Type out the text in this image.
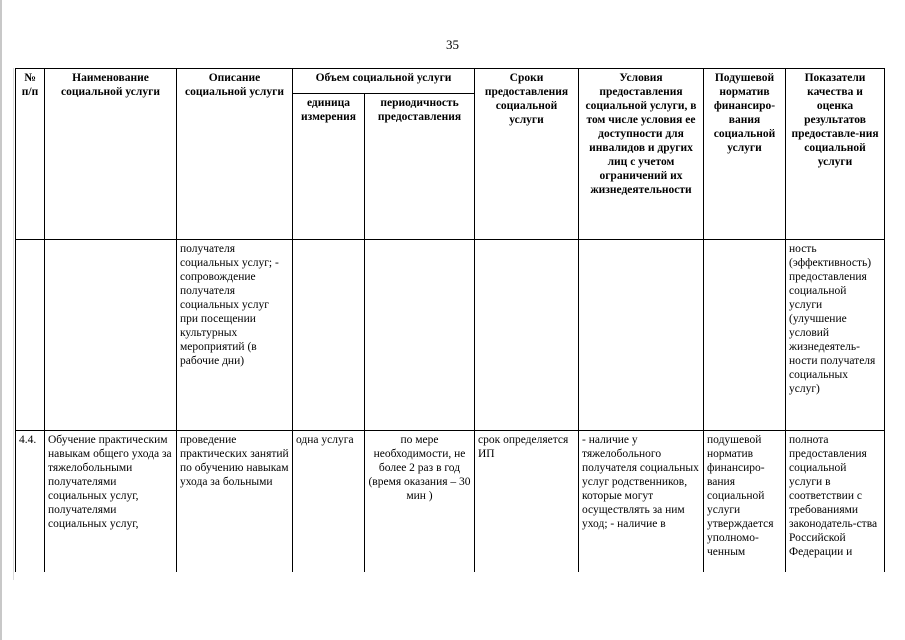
35
№ п/п	Наименование социальной услуги	Описание социальной услуги	Объем социальной услуги		Сроки предоставления социальной услуги	Условия предоставления социальной услуги, в том числе условия ее доступности для инвалидов и других лиц с учетом ограничений их жизнедеятельности	Подушевой норматив финансиро-вания социальной услуги	Показатели качества и оценка результатов предоставле-ния социальной услуги
			единица измерения	периодичность предоставления				
		получателя социальных услуг; - сопровождение получателя социальных услуг при посещении культурных мероприятий (в рабочие дни)						ность (эффективность) предоставления социальной услуги (улучшение условий жизнедеятель-ности получателя социальных услуг)
4.4.	Обучение практическим навыкам общего ухода за тяжелобольными получателями социальных услуг, получателями социальных услуг,	проведение практических занятий по обучению навыкам ухода за больными	одна услуга	по мере необходимости, не более 2 раз в год (время оказания – 30 мин )	срок определяется ИП	- наличие у тяжелобольного получателя социальных услуг родственников, которые могут осуществлять за ним уход; - наличие в	подушевой норматив финансиро-вания социальной услуги утверждается уполномо-ченным	полнота предоставления социальной услуги в соответствии с требованиями законодатель-ства Российской Федерации и
